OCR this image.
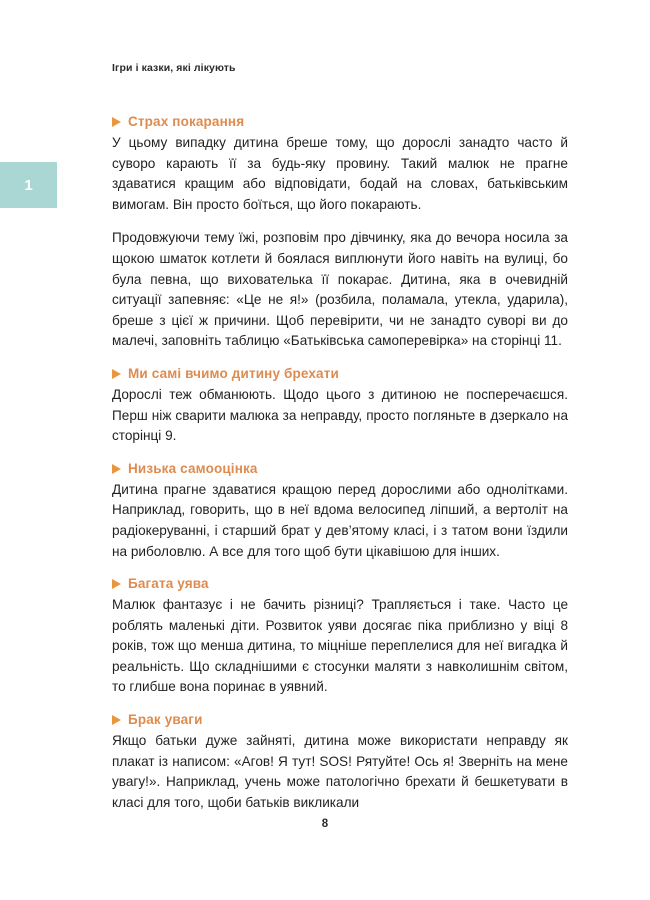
1
Ігри і казки, які лікують
Страх покарання

У цьому випадку дитина бреше тому, що дорослі занадто часто й суворо карають її за будь-яку провину. Такий малюк не прагне здаватися кращим або відповідати, бодай на словах, батьківським вимогам. Він просто боїться, що його покарають.

Продовжуючи тему їжі, розповім про дівчинку, яка до вечора носила за щокою шматок котлети й боялася виплюнути його навіть на вулиці, бо була певна, що вихователька її покарає. Дитина, яка в очевидній ситуації запевняє: «Це не я!» (розбила, поламала, утекла, ударила), бреше з цієї ж причини. Щоб перевірити, чи не занадто суворі ви до малечі, заповніть таблицю «Батьківська самоперевірка» на сторінці 11.

Ми самі вчимо дитину брехати

Дорослі теж обманюють. Щодо цього з дитиною не посперечаєшся. Перш ніж сварити малюка за неправду, просто погляньте в дзеркало на сторінці 9.

Низька самооцінка

Дитина прагне здаватися кращою перед дорослими або однолітками. Наприклад, говорить, що в неї вдома велосипед ліпший, а вертоліт на радіокеруванні, і старший брат у дев’ятому класі, і з татом вони їздили на риболовлю. А все для того щоб бути цікавішою для інших.

Багата уява

Малюк фантазує і не бачить різниці? Трапляється і таке. Часто це роблять маленькі діти. Розвиток уяви досягає піка приблизно у віці 8 років, тож що менша дитина, то міцніше переплелися для неї вигадка й реальність. Що складнішими є стосунки маляти з навколишнім світом, то глибше вона поринає в уявний.

Брак уваги

Якщо батьки дуже зайняті, дитина може використати неправду як плакат із написом: «Агов! Я тут! SOS! Рятуйте! Ось я! Зверніть на мене увагу!». Наприклад, учень може патологічно брехати й бешкетувати в класі для того, щоби батьків викликали

8
